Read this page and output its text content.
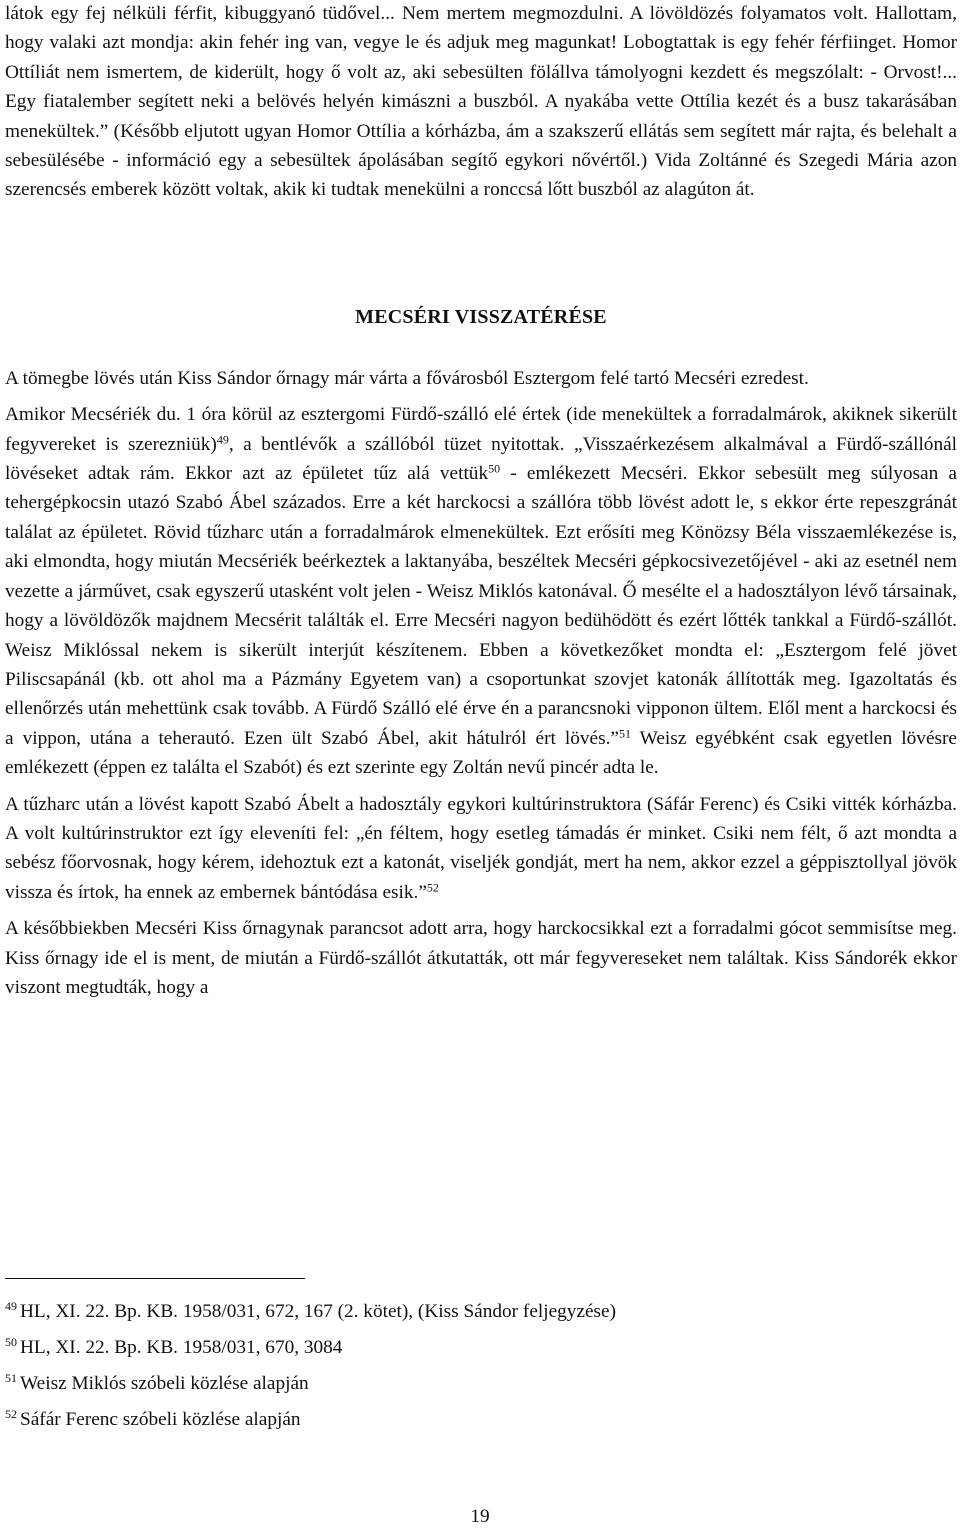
látok egy fej nélküli férfit, kibuggyanó tüdővel... Nem mertem megmozdulni. A lövöldözés folyamatos volt. Hallottam, hogy valaki azt mondja: akin fehér ing van, vegye le és adjuk meg magunkat! Lobogtattak is egy fehér férfiinget. Homor Ottíliát nem ismertem, de kiderült, hogy ő volt az, aki sebesülten fölállva támolyogni kezdett és megszólalt: - Orvost!... Egy fiatalember segített neki a belövés helyén kimászni a buszból. A nyakába vette Ottília kezét és a busz takarásában menekültek.” (Később eljutott ugyan Homor Ottília a kórházba, ám a szakszerű ellátás sem segített már rajta, és belehalt a sebesülésébe - információ egy a sebesültek ápolásában segítő egykori nővértől.) Vida Zoltánné és Szegedi Mária azon szerencsés emberek között voltak, akik ki tudtak menekülni a ronccsá lőtt buszból az alagúton át.

MECSÉRI VISSZATÉRÉSE

A tömegbe lövés után Kiss Sándor őrnagy már várta a fővárosból Esztergom felé tartó Mecséri ezredest.

Amikor Mecsériék du. 1 óra körül az esztergomi Fürdő-szálló elé értek (ide menekültek a forradalmárok, akiknek sikerült fegyvereket is szerezniük)$^{49}$, a bentlévők a szállóból tüzet nyitottak. „Visszaérkezésem alkalmával a Fürdő-szállónál lövéseket adtak rám. Ekkor azt az épületet tűz alá vettük$^{50}$ - emlékezett Mecséri. Ekkor sebesült meg súlyosan a tehergépkocsin utazó Szabó Ábel százados. Erre a két harckocsi a szállóra több lövést adott le, s ekkor érte repeszgránát találat az épületet. Rövid tűzharc után a forradalmárok elmenekültek. Ezt erősíti meg Könözsy Béla visszaemlékezése is, aki elmondta, hogy miután Mecsériék beérkeztek a laktanyába, beszéltek Mecséri gépkocsivezetőjével - aki az esetnél nem vezette a járművet, csak egyszerű utasként volt jelen - Weisz Miklós katonával. Ő mesélte el a hadosztályon lévő társainak, hogy a lövöldözők majdnem Mecsérit találták el. Erre Mecséri nagyon bedühödött és ezért lőtték tankkal a Fürdő-szállót. Weisz Miklóssal nekem is sikerült interjút készítenem. Ebben a következőket mondta el: „Esztergom felé jövet Piliscsapánál (kb. ott ahol ma a Pázmány Egyetem van) a csoportunkat szovjet katonák állították meg. Igazoltatás és ellenőrzés után mehettünk csak tovább. A Fürdő Szálló elé érve én a parancsnoki vipponon ültem. Elől ment a harckocsi és a vippon, utána a teherautó. Ezen ült Szabó Ábel, akit hátulról ért lövés.”$^{51}$ Weisz egyébként csak egyetlen lövésre emlékezett (éppen ez találta el Szabót) és ezt szerinte egy Zoltán nevű pincér adta le.

A tűzharc után a lövést kapott Szabó Ábelt a hadosztály egykori kultúrinstruktora (Sáfár Ferenc) és Csiki vitték kórházba. A volt kultúrinstruktor ezt így eleveníti fel: „én féltem, hogy esetleg támadás ér minket. Csiki nem félt, ő azt mondta a sebész főorvosnak, hogy kérem, idehoztuk ezt a katonát, viseljék gondját, mert ha nem, akkor ezzel a géppisztollyal jövök vissza és írtok, ha ennek az embernek bántódása esik.”$^{52}$

A későbbiekben Mecséri Kiss őrnagynak parancsot adott arra, hogy harckocsikkal ezt a forradalmi gócot semmisítse meg. Kiss őrnagy ide el is ment, de miután a Fürdő-szállót átkutatták, ott már fegyvereseket nem találtak. Kiss Sándorék ekkor viszont megtudták, hogy a

$^{49}$ HL, XI. 22. Bp. KB. 1958/031, 672, 167 (2. kötet), (Kiss Sándor feljegyzése)

$^{50}$ HL, XI. 22. Bp. KB. 1958/031, 670, 3084

$^{51}$ Weisz Miklós szóbeli közlése alapján

$^{52}$ Sáfár Ferenc szóbeli közlése alapján

19
